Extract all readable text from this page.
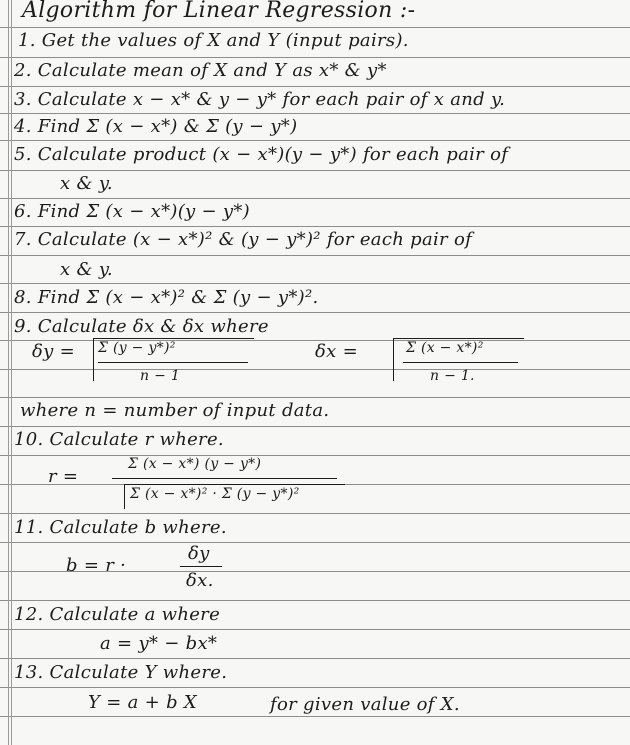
Algorithm for Linear Regression :-
1. Get the values of X and Y (input pairs).
2. Calculate mean of X and Y as x* & y*
3. Calculate x − x* & y − y* for each pair of x and y.
4. Find Σ (x − x*) & Σ (y − y*)
5. Calculate product (x − x*)(y − y*) for each pair of
x & y.
6. Find Σ (x − x*)(y − y*)
7. Calculate (x − x*)² & (y − y*)² for each pair of
x & y.
8. Find Σ (x − x*)² & Σ (y − y*)².
9. Calculate δx & δx where
δy = Σ (y − y*)²
n − 1
δx =	Σ (x − x*)²
n − 1.
where n = number of input data.
10. Calculate r where.
r =
Σ (x − x*) (y − y*)
Σ (x − x*)² · Σ (y − y*)²
11. Calculate b where.
b = r ·
δy
δx.
12. Calculate a where
a = y* − bx*
13. Calculate Y where.
Y = a + b X	for given value of X.
